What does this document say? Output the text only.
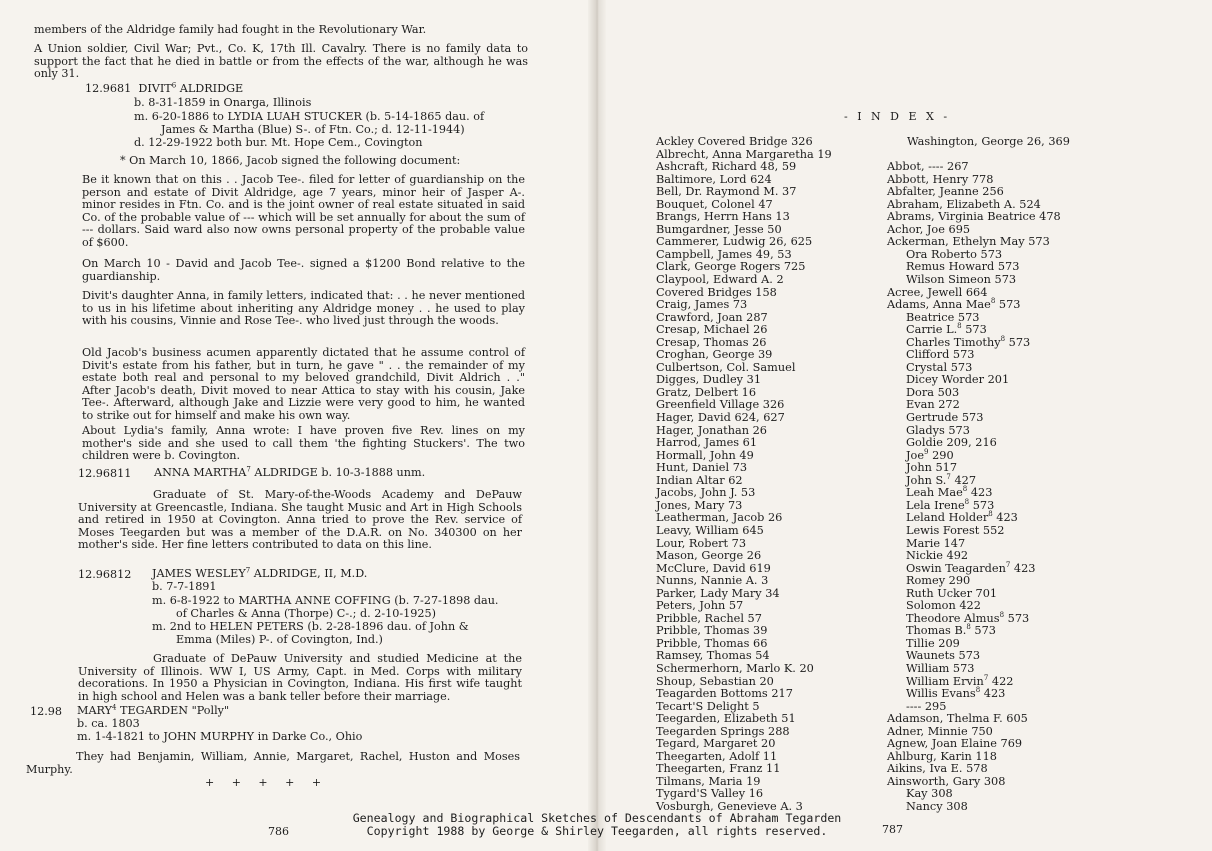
members of the Aldridge family had fought in the Revolutionary War.
A Union soldier, Civil War; Pvt., Co. K, 17th Ill. Cavalry. There is no family data to support the fact that he died in battle or from the effects of the war, although he was only 31.
12.9681 DIVIT$^6$ ALDRIDGE
b. 8-31-1859 in Onarga, Illinois
m. 6-20-1886 to LYDIA LUAH STUCKER (b. 5-14-1865 dau. of
James & Martha (Blue) S-. of Ftn. Co.; d. 12-11-1944)
d. 12-29-1922 both bur. Mt. Hope Cem., Covington
* On March 10, 1866, Jacob signed the following document:
Be it known that on this . . Jacob Tee-. filed for letter of guardianship on the person and estate of Divit Aldridge, age 7 years, minor heir of Jasper A-. minor resides in Ftn. Co. and is the joint owner of real estate situated in said Co. of the probable value of --- which will be set annually for about the sum of --- dollars. Said ward also now owns personal property of the probable value of $600.
On March 10 - David and Jacob Tee-. signed a $1200 Bond relative to the guardianship.
Divit's daughter Anna, in family letters, indicated that: . . he never mentioned to us in his lifetime about inheriting any Aldridge money . . he used to play with his cousins, Vinnie and Rose Tee-. who lived just through the woods.
Old Jacob's business acumen apparently dictated that he assume control of Divit's estate from his father, but in turn, he gave " . . the remainder of my estate both real and personal to my beloved grandchild, Divit Aldrich . ." After Jacob's death, Divit moved to near Attica to stay with his cousin, Jake Tee-. Afterward, although Jake and Lizzie were very good to him, he wanted to strike out for himself and make his own way.
About Lydia's family, Anna wrote: I have proven five Rev. lines on my mother's side and she used to call them 'the fighting Stuckers'. The two children were b. Covington.
12.96811 ANNA MARTHA$^7$ ALDRIDGE b. 10-3-1888 unm.
Graduate of St. Mary-of-the-Woods Academy and DePauw University at Greencastle, Indiana. She taught Music and Art in High Schools and retired in 1950 at Covington. Anna tried to prove the Rev. service of Moses Teegarden but was a member of the D.A.R. on No. 340300 on her mother's side. Her fine letters contributed to data on this line.
12.96812 JAMES WESLEY$^7$ ALDRIDGE, II, M.D.
b. 7-7-1891
m. 6-8-1922 to MARTHA ANNE COFFING (b. 7-27-1898 dau.
of Charles & Anna (Thorpe) C-.; d. 2-10-1925)
m. 2nd to HELEN PETERS (b. 2-28-1896 dau. of John &
Emma (Miles) P-. of Covington, Ind.)
Graduate of DePauw University and studied Medicine at the University of Illinois. WW I, US Army, Capt. in Med. Corps with military decorations. In 1950 a Physician in Covington, Indiana. His first wife taught in high school and Helen was a bank teller before their marriage.
12.98 MARY$^4$ TEGARDEN "Polly"
b. ca. 1803
m. 1-4-1821 to JOHN MURPHY in Darke Co., Ohio
They had Benjamin, William, Annie, Margaret, Rachel, Huston and Moses Murphy.
+ + + + +
786
- I N D E X -
Ackley Covered Bridge 326
Albrecht, Anna Margaretha 19
Ashcraft, Richard 48, 59
Baltimore, Lord 624
Bell, Dr. Raymond M. 37
Bouquet, Colonel 47
Brangs, Herrn Hans 13
Bumgardner, Jesse 50
Cammerer, Ludwig 26, 625
Campbell, James 49, 53
Clark, George Rogers 725
Claypool, Edward A. 2
Covered Bridges 158
Craig, James 73
Crawford, Joan 287
Cresap, Michael 26
Cresap, Thomas 26
Croghan, George 39
Culbertson, Col. Samuel
Digges, Dudley 31
Gratz, Delbert 16
Greenfield Village 326
Hager, David 624, 627
Hager, Jonathan 26
Harrod, James 61
Hormall, John 49
Hunt, Daniel 73
Indian Altar 62
Jacobs, John J. 53
Jones, Mary 73
Leatherman, Jacob 26
Leavy, William 645
Lour, Robert 73
Mason, George 26
McClure, David 619
Nunns, Nannie A. 3
Parker, Lady Mary 34
Peters, John 57
Pribble, Rachel 57
Pribble, Thomas 39
Pribble, Thomas 66
Ramsey, Thomas 54
Schermerhorn, Marlo K. 20
Shoup, Sebastian 20
Teagarden Bottoms 217
Tecart'S Delight 5
Teegarden, Elizabeth 51
Teegarden Springs 288
Tegard, Margaret 20
Theegarten, Adolf 11
Theegarten, Franz 11
Tilmans, Maria 19
Tygard'S Valley 16
Vosburgh, Genevieve A. 3
Washington, George 26, 369
Abbot, ---- 267
Abbott, Henry 778
Abfalter, Jeanne 256
Abraham, Elizabeth A. 524
Abrams, Virginia Beatrice 478
Achor, Joe 695
Ackerman, Ethelyn May 573
Ora Roberto 573
Remus Howard 573
Wilson Simeon 573
Acree, Jewell 664
Adams, Anna Mae$^8$ 573
Beatrice 573
Carrie L.$^8$ 573
Charles Timothy$^8$ 573
Clifford 573
Crystal 573
Dicey Worder 201
Dora 503
Evan 272
Gertrude 573
Gladys 573
Goldie 209, 216
Joe$^9$ 290
John 517
John S.$^7$ 427
Leah Mae$^8$ 423
Lela Irene$^8$ 573
Leland Holder$^8$ 423
Lewis Forest 552
Marie 147
Nickie 492
Oswin Teagarden$^7$ 423
Romey 290
Ruth Ucker 701
Solomon 422
Theodore Almus$^8$ 573
Thomas B.$^8$ 573
Tillie 209
Waunets 573
William 573
William Ervin$^7$ 422
Willis Evans$^8$ 423
---- 295
Adamson, Thelma F. 605
Adner, Minnie 750
Agnew, Joan Elaine 769
Ahlburg, Karin 118
Aikins, Iva E. 578
Ainsworth, Gary 308
Kay 308
Nancy 308
787
Genealogy and Biographical Sketches of Descendants of Abraham Tegarden
Copyright 1988 by George & Shirley Teegarden, all rights reserved.
